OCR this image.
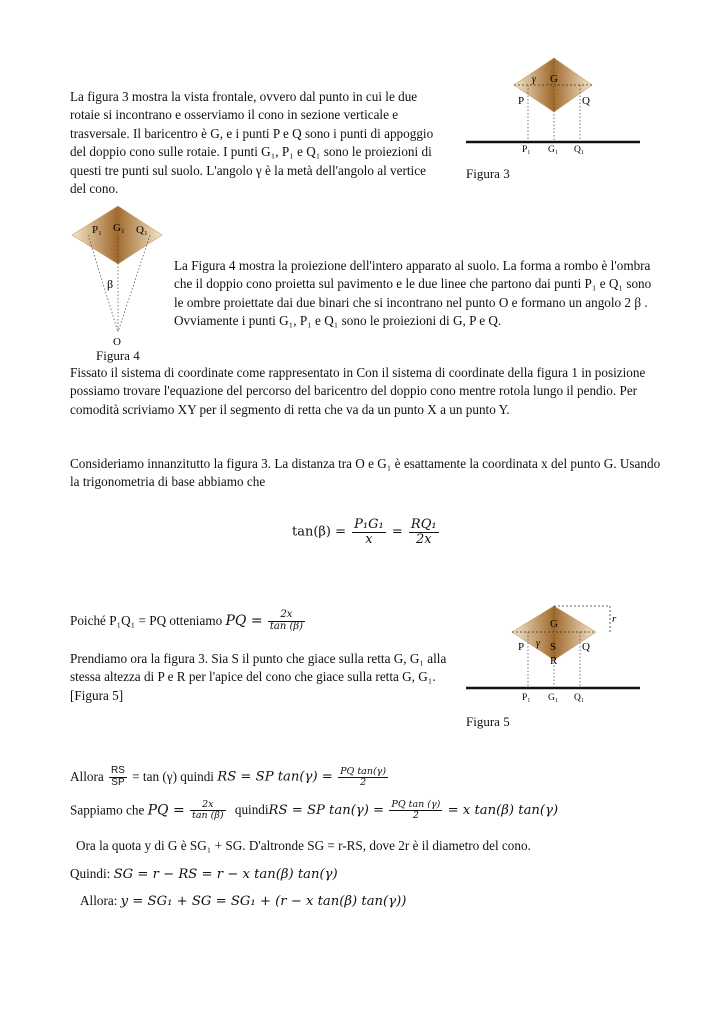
La figura 3 mostra la vista frontale, ovvero dal punto in cui le due rotaie si incontrano e osserviamo il cono in sezione verticale e trasversale. Il baricentro è G, e i punti P e Q sono i punti di appoggio del doppio cono sulle rotaie. I punti G₁, P₁ e Q₁ sono le proiezioni di questi tre punti sul suolo. L'angolo γ è la metà dell'angolo al vertice del cono.
γ G
P	Q
P₁ G₁ Q₁
Figura 3
P₁ G₁ Q₁
β
O
Figura 4
La Figura 4 mostra la proiezione dell'intero apparato al suolo. La forma a rombo è l'ombra che il doppio cono proietta sul pavimento e le due linee che partono dai punti P₁ e Q₁ sono le ombre proiettate dai due binari che si incontrano nel punto O e formano un angolo 2 β . Ovviamente i punti G₁, P₁ e Q₁ sono le proiezioni di G, P e Q.
Fissato il sistema di coordinate come rappresentato in Con il sistema di coordinate della figura 1 in posizione possiamo trovare l'equazione del percorso del baricentro del doppio cono mentre rotola lungo il pendio. Per comodità scriviamo XY per il segmento di retta che va da un punto X a un punto Y.
Consideriamo innanzitutto la figura 3. La distanza tra O e G₁ è esattamente la coordinata x del punto G. Usando la trigonometria di base abbiamo che
$\tan(\beta) = \frac{\text{P₁G₁}}{x} = \frac{\text{RQ₁}}{2x}$
Poiché P₁Q₁ = PQ otteniamo PQ = $\frac{2x}{\tan (\beta)}$
Prendiamo ora la figura 3. Sia S il punto che giace sulla retta G, G₁ alla stessa altezza di P e R per l'apice del cono che giace sulla retta G, G₁. [Figura 5]
r
G
γ
P S Q
R
P₁ G₁ Q₁
Figura 5
Allora $\frac{RS}{SP} = \tan (\gamma)$ quindi RS = SP $\tan(\gamma) = \frac{\text{PQ tan(γ)}}{2}$
Sappiamo che PQ = $\frac{2x}{\tan (\beta)}$ quindiRS = SP $\tan(\gamma) = \frac{\text{PQ tan (γ)}}{2} = x$ tan(β) tan(γ)
Ora la quota y di G è SG₁ + SG. D'altronde SG = r-RS, dove 2r è il diametro del cono.
Quindi: SG = r − RS = r − x tan(β) tan(γ)
Allora: y = SG₁ + SG = SG₁ + (r − x tan(β) tan(γ))
